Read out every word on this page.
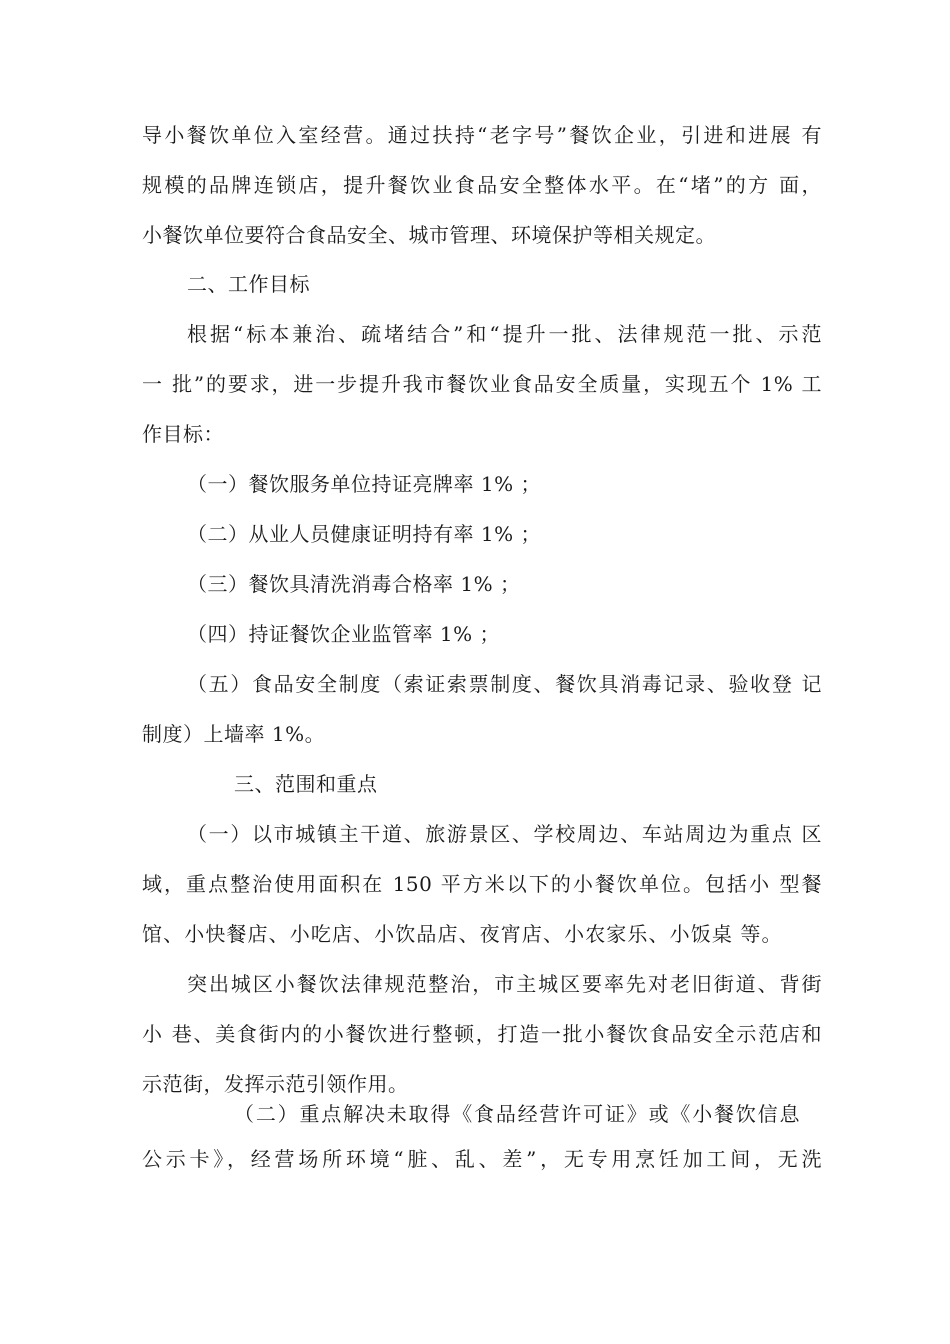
导小餐饮单位入室经营。通过扶持“老字号”餐饮企业，引进和进展 有
规模的品牌连锁店，提升餐饮业食品安全整体水平。在“堵”的方 面，
小餐饮单位要符合食品安全、城市管理、环境保护等相关规定。
二、工作目标
根据“标本兼治、疏堵结合”和“提升一批、法律规范一批、示范
一 批”的要求，进一步提升我市餐饮业食品安全质量，实现五个 1% 工
作目标：
（一）餐饮服务单位持证亮牌率 1% ；
（二）从业人员健康证明持有率 1% ；
（三）餐饮具清洗消毒合格率 1% ；
（四）持证餐饮企业监管率 1% ；
（五）食品安全制度（索证索票制度、餐饮具消毒记录、验收登 记
制度）上墙率 1%。
三、范围和重点
（一）以市城镇主干道、旅游景区、学校周边、车站周边为重点 区
域，重点整治使用面积在 150 平方米以下的小餐饮单位。包括小 型餐
馆、小快餐店、小吃店、小饮品店、夜宵店、小农家乐、小饭桌 等。
突出城区小餐饮法律规范整治，市主城区要率先对老旧街道、背街
小 巷、美食街内的小餐饮进行整顿，打造一批小餐饮食品安全示范店和
示范街，发挥示范引领作用。
（二）重点解决未取得《食品经营许可证》或《小餐饮信息
公示卡》，经营场所环境“脏、乱、差”，无专用烹饪加工间，无洗
